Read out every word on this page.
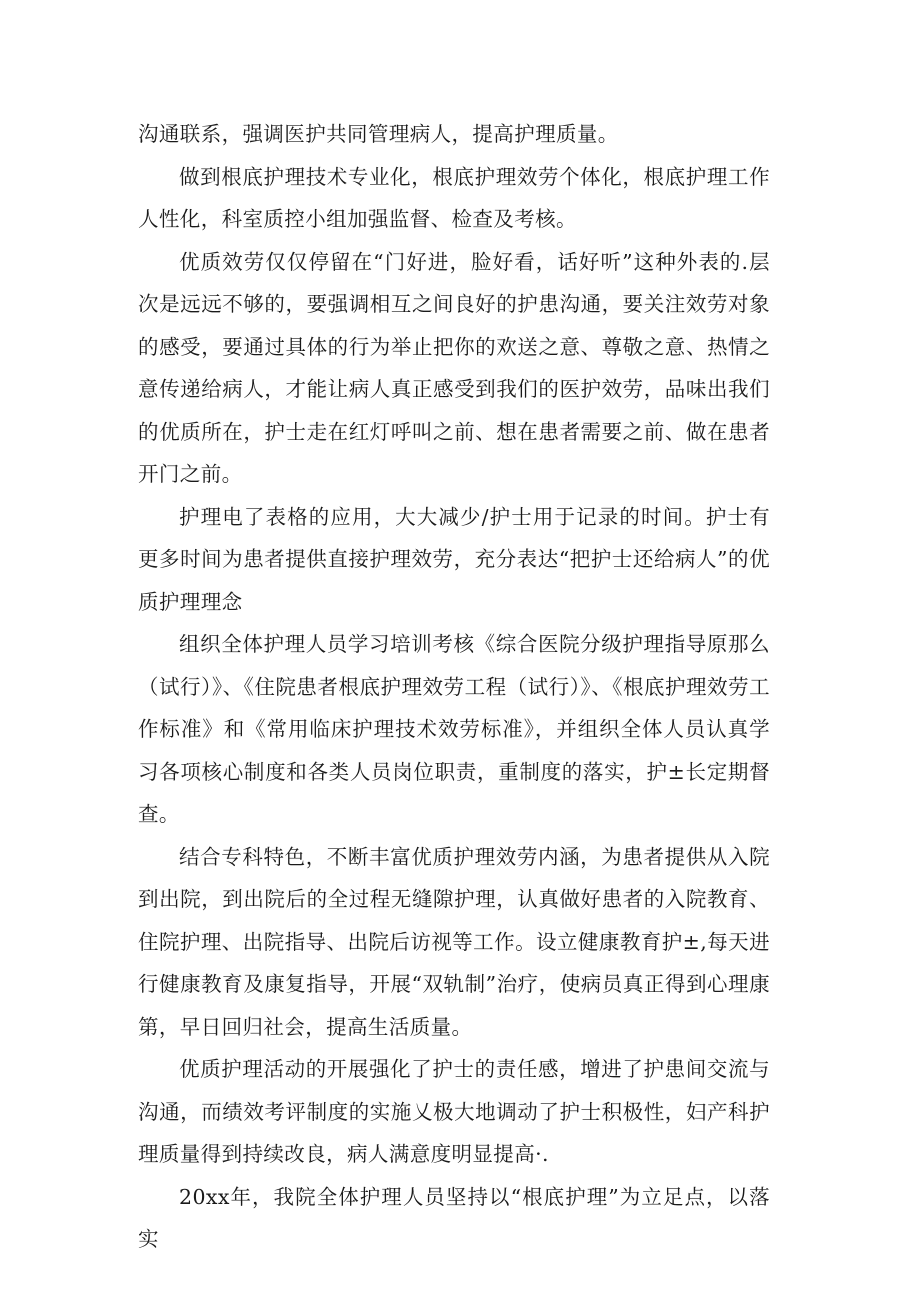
沟通联系，强调医护共同管理病人，提高护理质量。

做到根底护理技术专业化，根底护理效劳个体化，根底护理工作人性化，科室质控小组加强监督、检查及考核。

优质效劳仅仅停留在“门好进，脸好看，话好听”这种外表的.层次是远远不够的，要强调相互之间良好的护患沟通，要关注效劳对象的感受，要通过具体的行为举止把你的欢送之意、尊敬之意、热情之意传递给病人，才能让病人真正感受到我们的医护效劳，品味出我们的优质所在，护士走在红灯呼叫之前、想在患者需要之前、做在患者开门之前。

护理电了表格的应用，大大减少/护士用于记录的时间。护士有更多时间为患者提供直接护理效劳，充分表达“把护士还给病人”的优质护理理念

组织全体护理人员学习培训考核《综合医院分级护理指导原那么（试行）》、《住院患者根底护理效劳工程（试行）》、《根底护理效劳工作标准》和《常用临床护理技术效劳标准》，并组织全体人员认真学习各项核心制度和各类人员岗位职责，重制度的落实，护±长定期督查。

结合专科特色，不断丰富优质护理效劳内涵，为患者提供从入院到出院，到出院后的全过程无缝隙护理，认真做好患者的入院教育、住院护理、出院指导、出院后访视等工作。设立健康教育护±,每天进行健康教育及康复指导，开展“双轨制”治疗，使病员真正得到心理康第，早日回归社会，提高生活质量。

优质护理活动的开展强化了护士的责任感，增进了护患间交流与沟通，而绩效考评制度的实施乂极大地调动了护士积极性，妇产科护理质量得到持续改良，病人满意度明显提高·.

20xx年，我院全体护理人员坚持以“根底护理”为立足点，以落实
